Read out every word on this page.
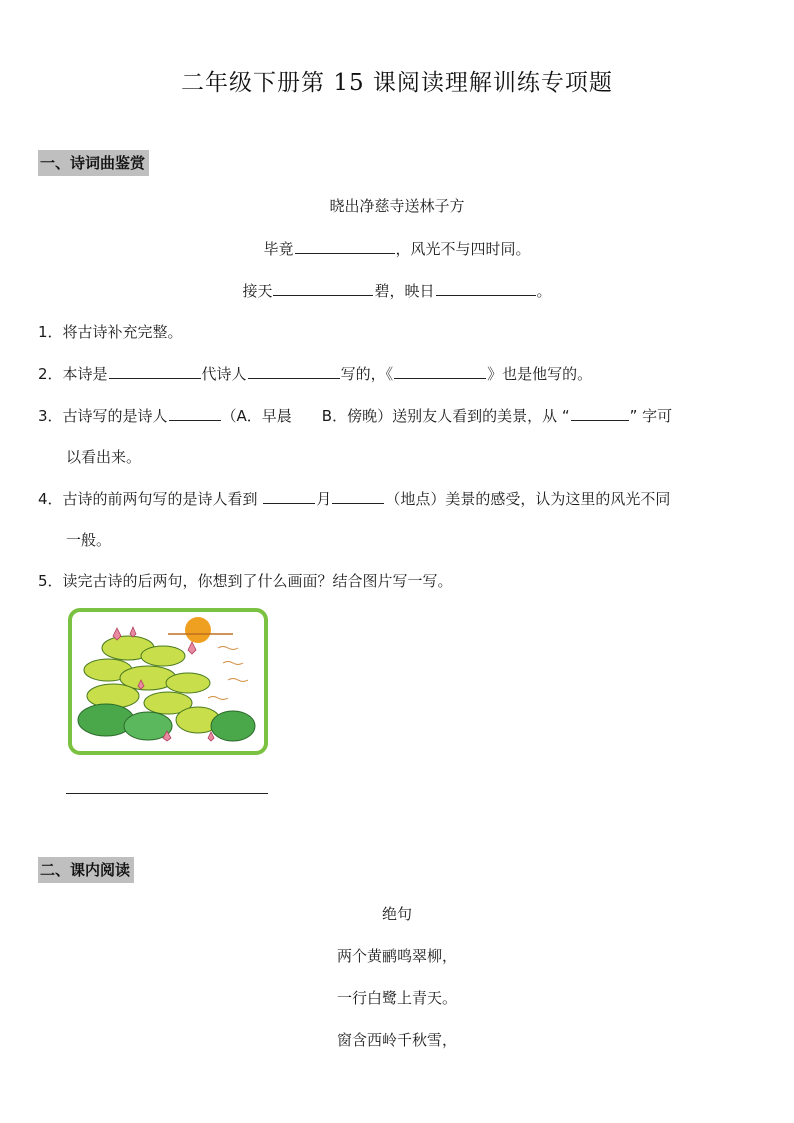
二年级下册第 15 课阅读理解训练专项题
一、诗词曲鉴赏
晓出净慈寺送林子方
毕竟	，风光不与四时同。
接天	碧，映日	。
1．将古诗补充完整。
2．本诗是	代诗人	写的，《	》也是他写的。
3．古诗写的是诗人	（A．早晨　　B．傍晚）送别友人看到的美景，从 “	” 字可
以看出来。
4．古诗的前两句写的是诗人看到	月	（地点）美景的感受，认为这里的风光不同
一般。
5．读完古诗的后两句，你想到了什么画面？结合图片写一写。
二、课内阅读
绝句
两个黄鹂鸣翠柳，
一行白鹭上青天。
窗含西岭千秋雪，
